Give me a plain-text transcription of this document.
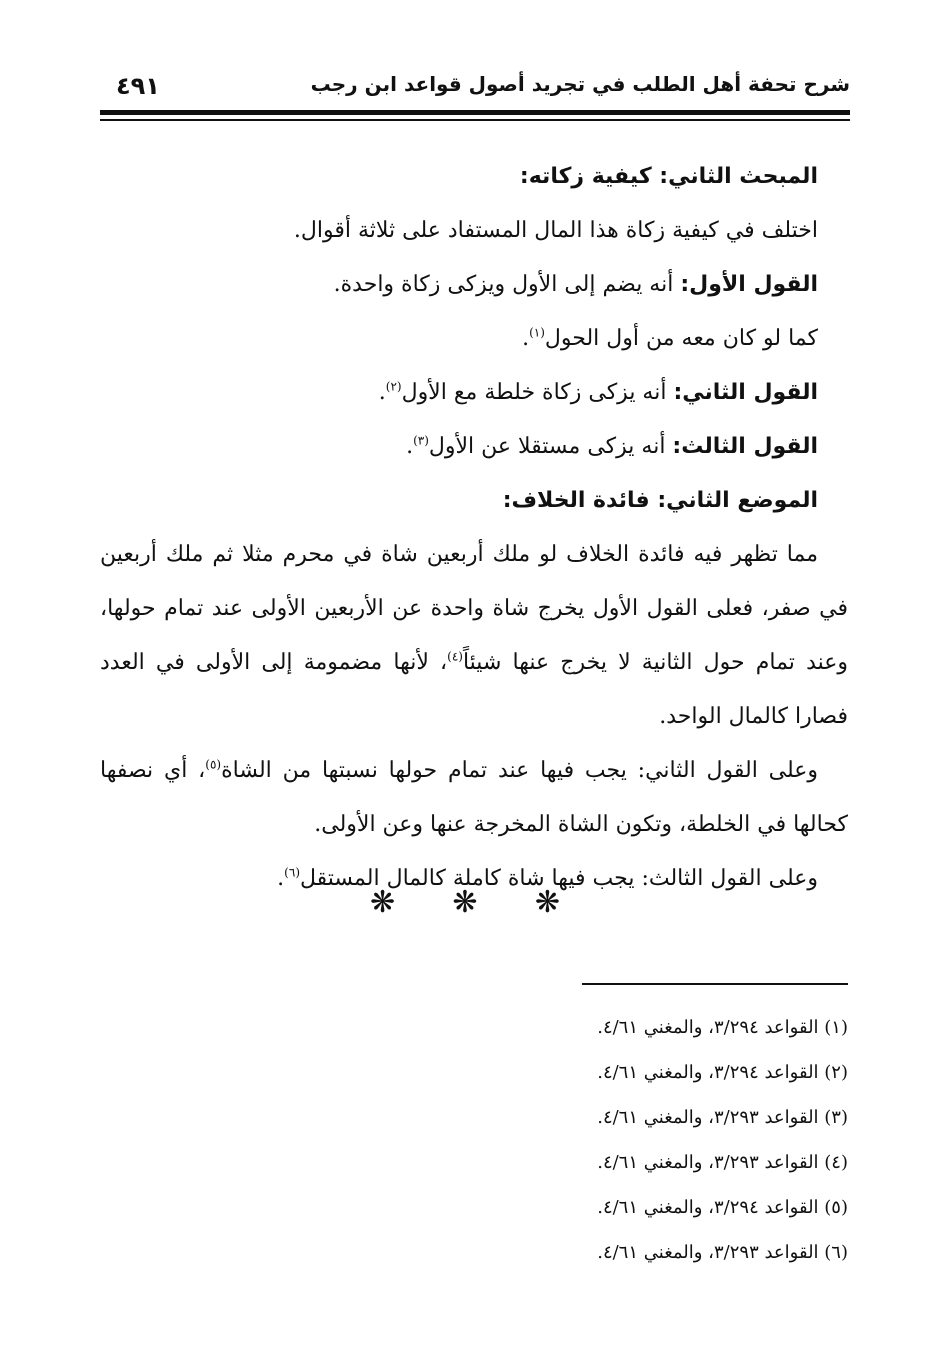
شرح تحفة أهل الطلب في تجريد أصول قواعد ابن رجب
٤٩١
المبحث الثاني: كيفية زكاته:
اختلف في كيفية زكاة هذا المال المستفاد على ثلاثة أقوال.
القول الأول: أنه يضم إلى الأول ويزكى زكاة واحدة.
كما لو كان معه من أول الحول$^{(١)}$.
القول الثاني: أنه يزكى زكاة خلطة مع الأول$^{(٢)}$.
القول الثالث: أنه يزكى مستقلا عن الأول$^{(٣)}$.
الموضع الثاني: فائدة الخلاف:
مما تظهر فيه فائدة الخلاف لو ملك أربعين شاة في محرم مثلا ثم ملك أربعين
في صفر، فعلى القول الأول يخرج شاة واحدة عن الأربعين الأولى عند تمام حولها،
وعند تمام حول الثانية لا يخرج عنها شيئاً$^{(٤)}$، لأنها مضمومة إلى الأولى في العدد
فصارا كالمال الواحد.
وعلى القول الثاني: يجب فيها عند تمام حولها نسبتها من الشاة$^{(٥)}$، أي نصفها
كحالها في الخلطة، وتكون الشاة المخرجة عنها وعن الأولى.
وعلى القول الثالث: يجب فيها شاة كاملة كالمال المستقل$^{(٦)}$.
❋ ❋ ❋
(١) القواعد ٣/٢٩٤، والمغني ٤/٦١.
(٢) القواعد ٣/٢٩٤، والمغني ٤/٦١.
(٣) القواعد ٣/٢٩٣، والمغني ٤/٦١.
(٤) القواعد ٣/٢٩٣، والمغني ٤/٦١.
(٥) القواعد ٣/٢٩٤، والمغني ٤/٦١.
(٦) القواعد ٣/٢٩٣، والمغني ٤/٦١.
